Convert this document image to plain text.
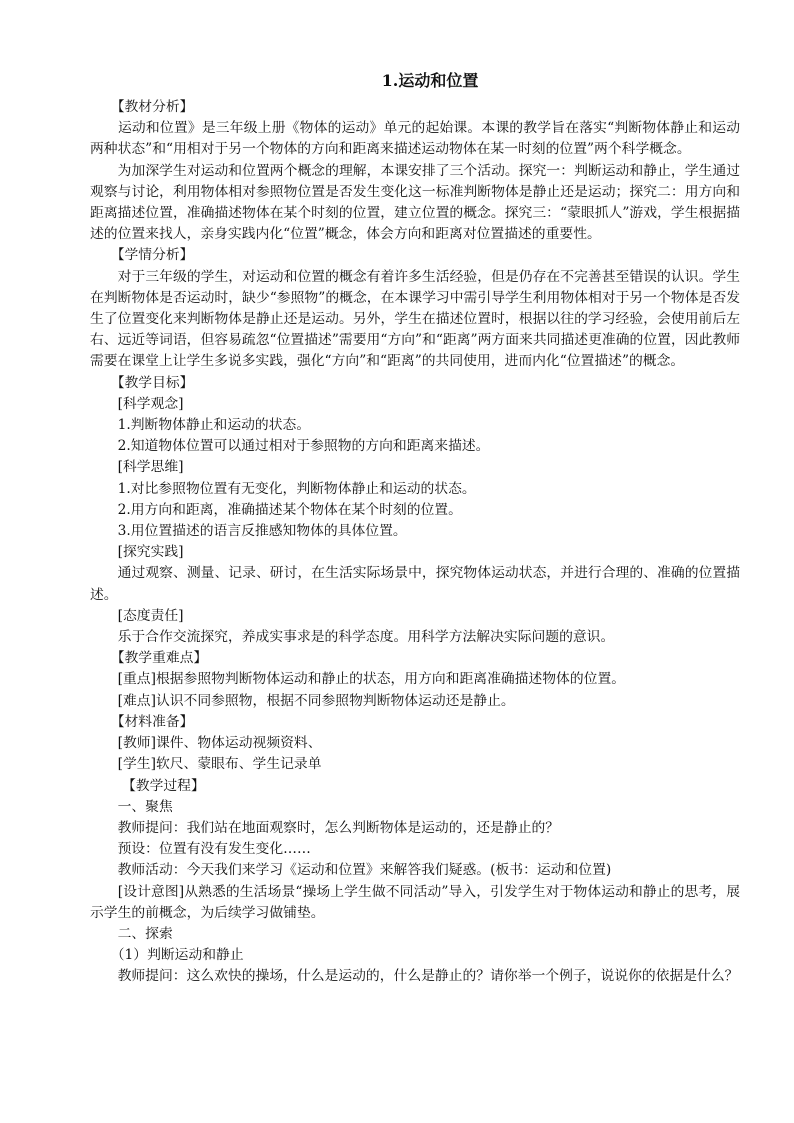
1.运动和位置

　　【教材分析】

　　运动和位置》是三年级上册《物体的运动》单元的起始课。本课的教学旨在落实“判断物体静止和运动两种状态”和“用相对于另一个物体的方向和距离来描述运动物体在某一时刻的位置”两个科学概念。

　　为加深学生对运动和位置两个概念的理解，本课安排了三个活动。探究一：判断运动和静止，学生通过观察与讨论，利用物体相对参照物位置是否发生变化这一标准判断物体是静止还是运动；探究二：用方向和距离描述位置，准确描述物体在某个时刻的位置，建立位置的概念。探究三：“蒙眼抓人”游戏，学生根据描述的位置来找人，亲身实践内化“位置”概念，体会方向和距离对位置描述的重要性。

　　【学情分析】

　　对于三年级的学生，对运动和位置的概念有着许多生活经验，但是仍存在不完善甚至错误的认识。学生在判断物体是否运动时，缺少“参照物”的概念，在本课学习中需引导学生利用物体相对于另一个物体是否发生了位置变化来判断物体是静止还是运动。另外，学生在描述位置时，根据以往的学习经验，会使用前后左右、远近等词语，但容易疏忽“位置描述”需要用“方向”和“距离”两方面来共同描述更准确的位置，因此教师需要在课堂上让学生多说多实践，强化“方向”和“距离”的共同使用，进而内化“位置描述”的概念。

　　【教学目标】

　　[科学观念]

　　1.判断物体静止和运动的状态。

　　2.知道物体位置可以通过相对于参照物的方向和距离来描述。

　　[科学思维]

　　1.对比参照物位置有无变化，判断物体静止和运动的状态。

　　2.用方向和距离，准确描述某个物体在某个时刻的位置。

　　3.用位置描述的语言反推感知物体的具体位置。

　　[探究实践]

　　通过观察、测量、记录、研讨，在生活实际场景中，探究物体运动状态，并进行合理的、准确的位置描述。

　　[态度责任]

　　乐于合作交流探究，养成实事求是的科学态度。用科学方法解决实际问题的意识。

　　【教学重难点】

　　[重点]根据参照物判断物体运动和静止的状态，用方向和距离准确描述物体的位置。

　　[难点]认识不同参照物，根据不同参照物判断物体运动还是静止。

　　【材料准备】

　　[教师]课件、物体运动视频资料、

　　[学生]软尺、蒙眼布、学生记录单

　　 【教学过程】

　　一、聚焦

　　教师提问：我们站在地面观察时，怎么判断物体是运动的，还是静止的？

　　预设：位置有没有发生变化……

　　教师活动：今天我们来学习《运动和位置》来解答我们疑惑。(板书：运动和位置)

　　[设计意图]从熟悉的生活场景“操场上学生做不同活动”导入，引发学生对于物体运动和静止的思考，展示学生的前概念，为后续学习做铺垫。

　　二、探索

　　（1）判断运动和静止

　　教师提问：这么欢快的操场，什么是运动的，什么是静止的？请你举一个例子，说说你的依据是什么？
